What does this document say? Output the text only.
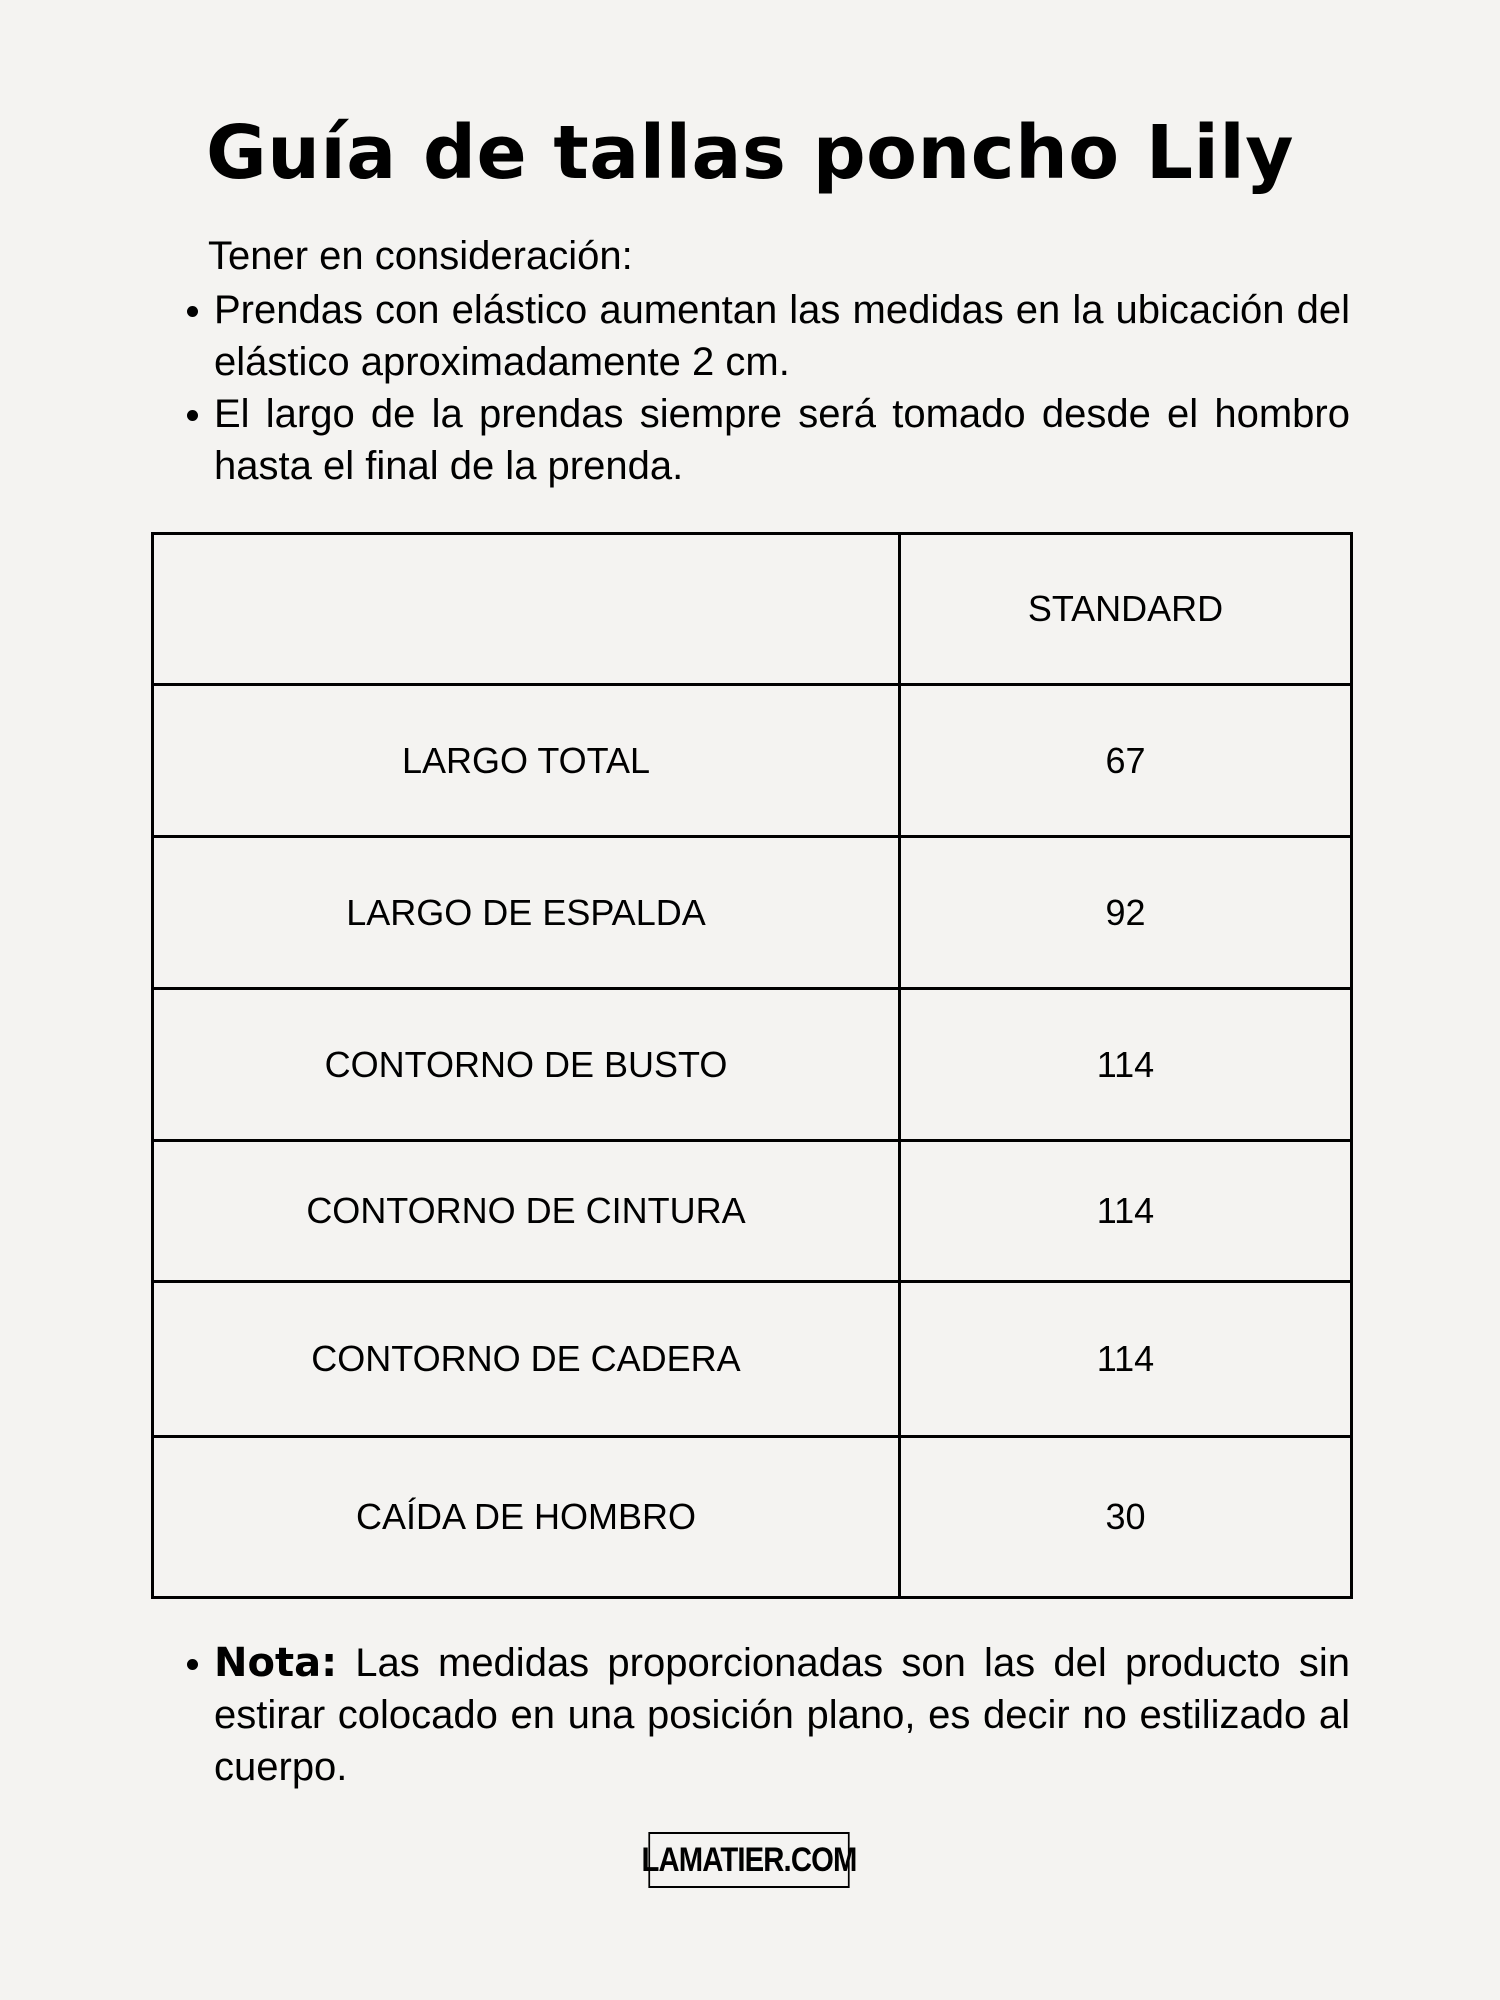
Guía de tallas poncho Lily

Tener en consideración:

Prendas con elástico aumentan las medidas en la ubicación del elástico aproximadamente 2 cm.
El largo de la prendas siempre será tomado desde el hombro hasta el final de la prenda.
	STANDARD
LARGO TOTAL	67
LARGO DE ESPALDA	92
CONTORNO DE BUSTO	114
CONTORNO DE CINTURA	114
CONTORNO DE CADERA	114
CAÍDA DE HOMBRO	30
Nota: Las medidas proporcionadas son las del producto sin estirar colocado en una posición plano, es decir no estilizado al cuerpo.
LAMATIER.COM
